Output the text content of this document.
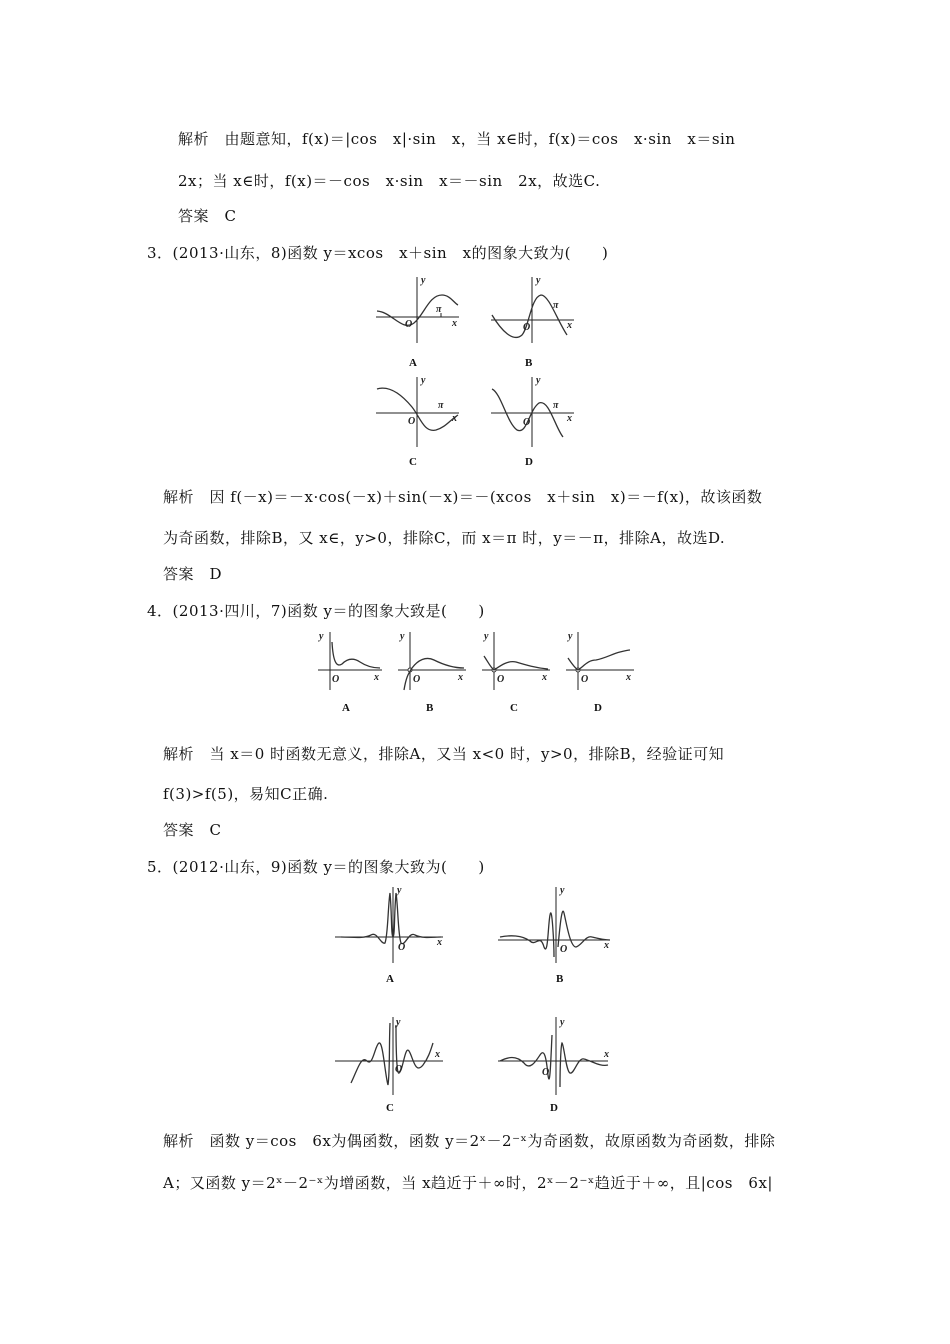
解析　由题意知，f(x)＝|cos　x|·sin　x，当 x∈时，f(x)＝cos　x·sin　x＝sin
2x；当 x∈时，f(x)＝－cos　x·sin　x＝－sin　2x，故选C.
答案　C
3．(2013·山东，8)函数 y＝xcos　x＋sin　x的图象大致为(　　)
y
O
π
x
A
y
O
π
x
B
y
O
π
x
C
y
O
π
x
D
解析　因 f(－x)＝－x·cos(－x)＋sin(－x)＝－(xcos　x＋sin　x)＝－f(x)，故该函数
为奇函数，排除B，又 x∈，y>0，排除C，而 x＝π 时，y＝－π，排除A，故选D.
答案　D
4．(2013·四川，7)函数 y＝的图象大致是(　　)
y
O	x
A
y
O	x
B
y
O	x
C
y
O	x
D
解析　当 x＝0 时函数无意义，排除A，又当 x<0 时，y>0，排除B，经验证可知
f(3)>f(5)，易知C正确.
答案　C
5．(2012·山东，9)函数 y＝的图象大致为(　　)
y
O	x
A
y
O	x
B
y
O
x
C
y
O
x
D
解析　函数 y＝cos　6x为偶函数，函数 y＝2ˣ－2⁻ˣ为奇函数，故原函数为奇函数，排除
A；又函数 y＝2ˣ－2⁻ˣ为增函数，当 x趋近于＋∞时，2ˣ－2⁻ˣ趋近于＋∞，且|cos　6x|
